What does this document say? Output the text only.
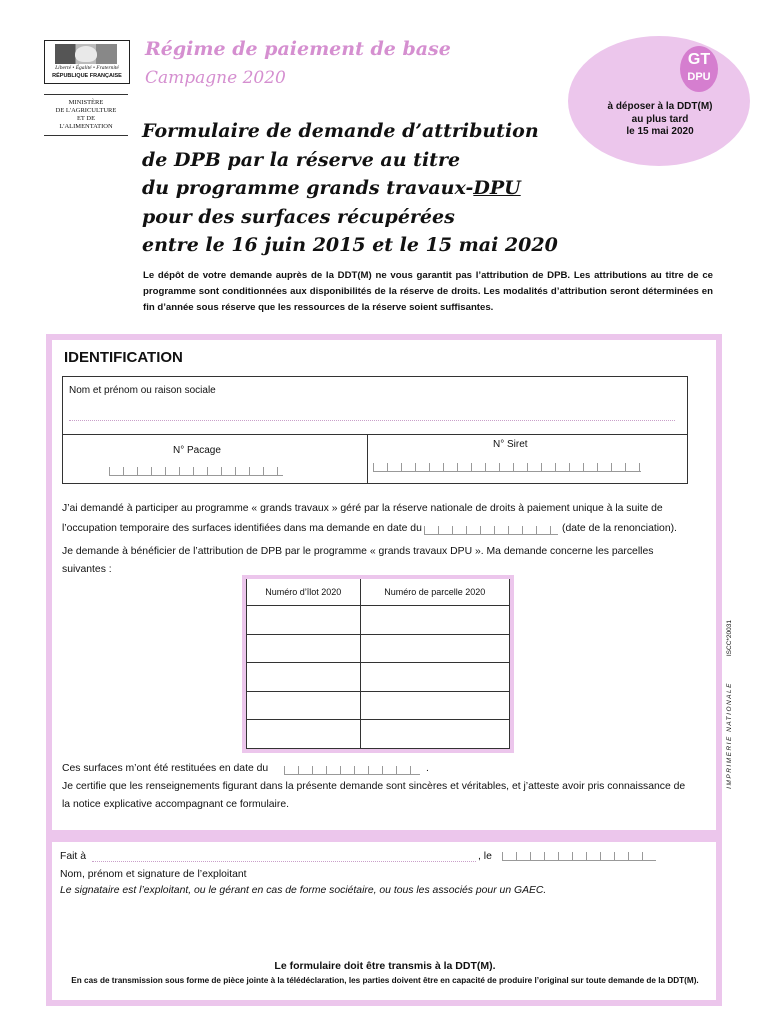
Liberté • Égalité • Fraternité
RÉPUBLIQUE FRANÇAISE
MINISTÈRE
DE L'AGRICULTURE
ET DE
L'ALIMENTATION
Régime de paiement de base
Campagne 2020
Formulaire de demande d’attribution
de DPB par la réserve au titre
du programme grands travaux-DPU
pour des surfaces récupérées
entre le 16 juin 2015 et le 15 mai 2020
GT
DPU
à déposer à la DDT(M)
au plus tard
le 15 mai 2020
Le dépôt de votre demande auprès de la DDT(M) ne vous garantit pas l’attribution de DPB. Les attributions au titre de ce programme sont conditionnées aux disponibilités de la réserve de droits. Les modalités d’attribution seront déterminées en fin d’année sous réserve que les ressources de la réserve soient suffisantes.
IDENTIFICATION
Nom et prénom ou raison sociale
N° Pacage
N° Siret
J’ai demandé à participer au programme « grands travaux » géré par la réserve nationale de droits à paiement unique à la suite de
l’occupation temporaire des surfaces identifiées dans ma demande en date du	(date de la renonciation).
Je demande à bénéficier de l’attribution de DPB par le programme « grands travaux DPU ». Ma demande concerne les parcelles suivantes :
Numéro d’îlot 2020	Numéro de parcelle 2020

Ces surfaces m’ont été restituées en date du	.
Je certifie que les renseignements figurant dans la présente demande sont sincères et véritables, et j’atteste avoir pris connaissance de la notice explicative accompagnant ce formulaire.
IMPRIMERIE NATIONALE
ISCC*20031
Fait à	, le
Nom, prénom et signature de l’exploitant
Le signataire est l’exploitant, ou le gérant en cas de forme sociétaire, ou tous les associés pour un GAEC.
Le formulaire doit être transmis à la DDT(M).
En cas de transmission sous forme de pièce jointe à la télédéclaration, les parties doivent être en capacité de produire l’original sur toute demande de la DDT(M).
